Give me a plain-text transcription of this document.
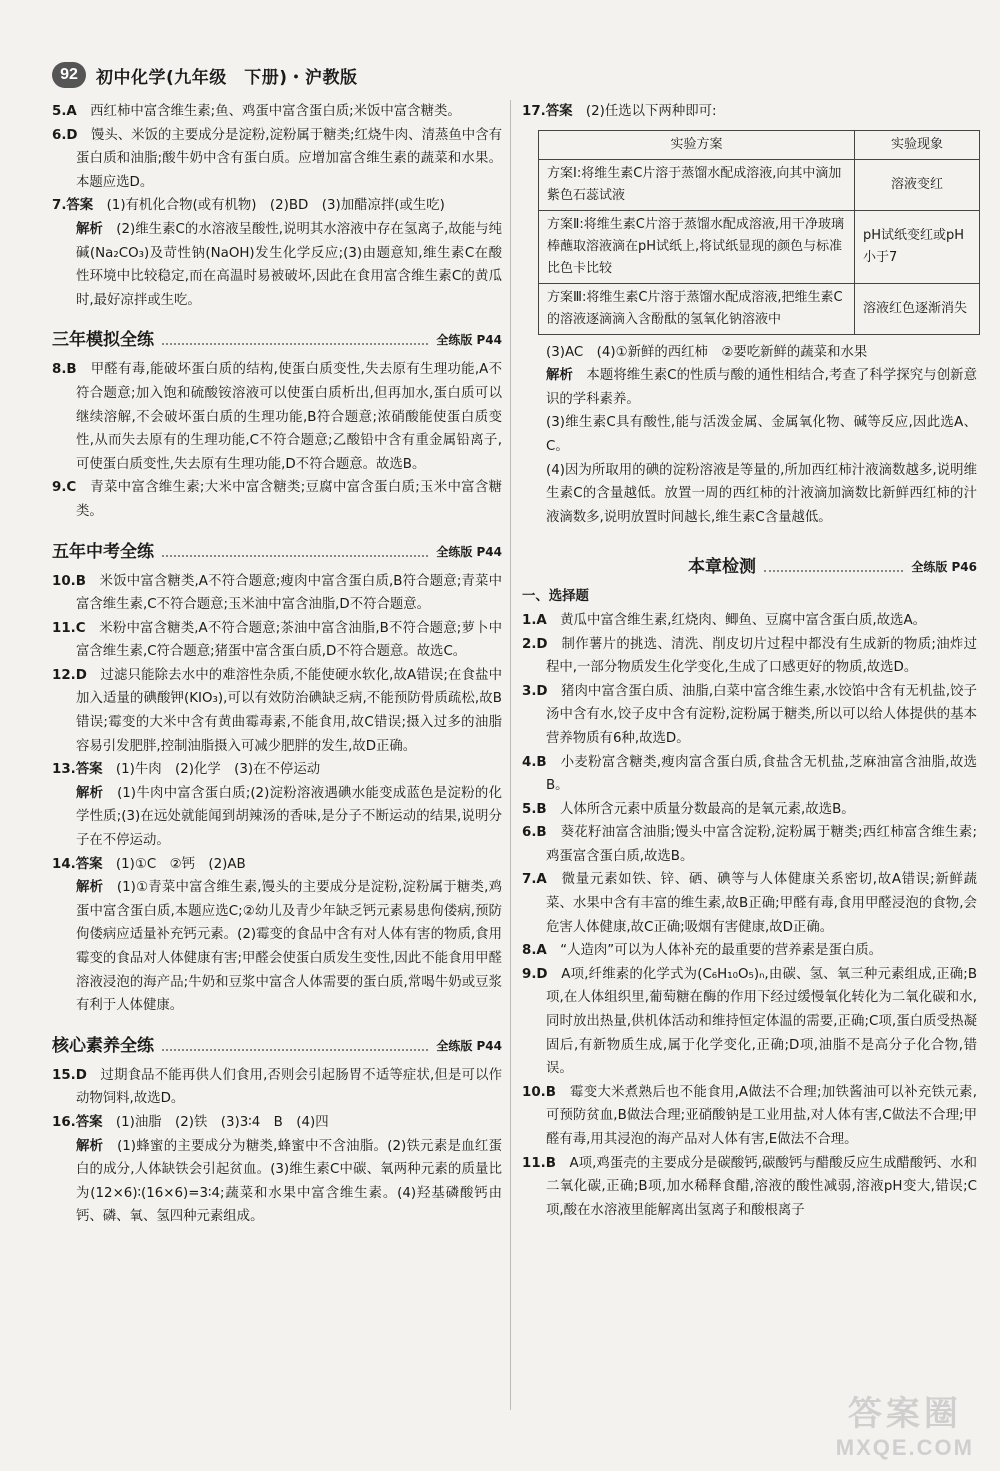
92	初中化学(九年级　下册)・沪教版

5.A　 西红柿中富含维生素;鱼、鸡蛋中富含蛋白质;米饭中富含糖类。

6.D　 馒头、米饭的主要成分是淀粉,淀粉属于糖类;红烧牛肉、清蒸鱼中含有蛋白质和油脂;酸牛奶中含有蛋白质。应增加富含维生素的蔬菜和水果。本题应选D。

7.答案　 (1)有机化合物(或有机物)　(2)BD　(3)加醋凉拌(或生吃)

解析　 (2)维生素C的水溶液呈酸性,说明其水溶液中存在氢离子,故能与纯碱(Na₂CO₃)及苛性钠(NaOH)发生化学反应;(3)由题意知,维生素C在酸性环境中比较稳定,而在高温时易被破坏,因此在食用富含维生素C的黄瓜时,最好凉拌或生吃。

三年模拟全练	全练版 P44

8.B　 甲醛有毒,能破坏蛋白质的结构,使蛋白质变性,失去原有生理功能,A不符合题意;加入饱和硫酸铵溶液可以使蛋白质析出,但再加水,蛋白质可以继续溶解,不会破坏蛋白质的生理功能,B符合题意;浓硝酸能使蛋白质变性,从而失去原有的生理功能,C不符合题意;乙酸铅中含有重金属铅离子,可使蛋白质变性,失去原有生理功能,D不符合题意。故选B。

9.C　 青菜中富含维生素;大米中富含糖类;豆腐中富含蛋白质;玉米中富含糖类。

五年中考全练	全练版 P44

10.B　 米饭中富含糖类,A不符合题意;瘦肉中富含蛋白质,B符合题意;青菜中富含维生素,C不符合题意;玉米油中富含油脂,D不符合题意。

11.C　 米粉中富含糖类,A不符合题意;茶油中富含油脂,B不符合题意;萝卜中富含维生素,C符合题意;猪蛋中富含蛋白质,D不符合题意。故选C。

12.D　 过滤只能除去水中的难溶性杂质,不能使硬水软化,故A错误;在食盐中加入适量的碘酸钾(KIO₃),可以有效防治碘缺乏病,不能预防骨质疏松,故B错误;霉变的大米中含有黄曲霉毒素,不能食用,故C错误;摄入过多的油脂容易引发肥胖,控制油脂摄入可减少肥胖的发生,故D正确。

13.答案　 (1)牛肉　(2)化学　(3)在不停运动

解析　 (1)牛肉中富含蛋白质;(2)淀粉溶液遇碘水能变成蓝色是淀粉的化学性质;(3)在远处就能闻到胡辣汤的香味,是分子不断运动的结果,说明分子在不停运动。

14.答案　 (1)①C　②钙　(2)AB

解析　 (1)①青菜中富含维生素,馒头的主要成分是淀粉,淀粉属于糖类,鸡蛋中富含蛋白质,本题应选C;②幼儿及青少年缺乏钙元素易患佝偻病,预防佝偻病应适量补充钙元素。(2)霉变的食品中含有对人体有害的物质,食用霉变的食品对人体健康有害;甲醛会使蛋白质发生变性,因此不能食用甲醛溶液浸泡的海产品;牛奶和豆浆中富含人体需要的蛋白质,常喝牛奶或豆浆有利于人体健康。

核心素养全练	全练版 P44

15.D　 过期食品不能再供人们食用,否则会引起肠胃不适等症状,但是可以作动物饲料,故选D。

16.答案　 (1)油脂　(2)铁　(3)3∶4　B　(4)四

解析　 (1)蜂蜜的主要成分为糖类,蜂蜜中不含油脂。(2)铁元素是血红蛋白的成分,人体缺铁会引起贫血。(3)维生素C中碳、氧两种元素的质量比为(12×6)∶(16×6)=3∶4;蔬菜和水果中富含维生素。(4)羟基磷酸钙由钙、磷、氧、氢四种元素组成。

17.答案　 (2)任选以下两种即可:

实验方案	实验现象
方案Ⅰ:将维生素C片溶于蒸馏水配成溶液,向其中滴加紫色石蕊试液	溶液变红
方案Ⅱ:将维生素C片溶于蒸馏水配成溶液,用干净玻璃棒蘸取溶液滴在pH试纸上,将试纸显现的颜色与标准比色卡比较	pH试纸变红或pH小于7
方案Ⅲ:将维生素C片溶于蒸馏水配成溶液,把维生素C的溶液逐滴滴入含酚酞的氢氧化钠溶液中	溶液红色逐渐消失

(3)AC　(4)①新鲜的西红柿　②要吃新鲜的蔬菜和水果

解析　 本题将维生素C的性质与酸的通性相结合,考查了科学探究与创新意识的学科素养。

(3)维生素C具有酸性,能与活泼金属、金属氧化物、碱等反应,因此选A、C。

(4)因为所取用的碘的淀粉溶液是等量的,所加西红柿汁液滴数越多,说明维生素C的含量越低。放置一周的西红柿的汁液滴加滴数比新鲜西红柿的汁液滴数多,说明放置时间越长,维生素C含量越低。

本章检测	全练版 P46

一、选择题

1.A　 黄瓜中富含维生素,红烧肉、鲫鱼、豆腐中富含蛋白质,故选A。

2.D　 制作薯片的挑选、清洗、削皮切片过程中都没有生成新的物质;油炸过程中,一部分物质发生化学变化,生成了口感更好的物质,故选D。

3.D　 猪肉中富含蛋白质、油脂,白菜中富含维生素,水饺馅中含有无机盐,饺子汤中含有水,饺子皮中含有淀粉,淀粉属于糖类,所以可以给人体提供的基本营养物质有6种,故选D。

4.B　 小麦粉富含糖类,瘦肉富含蛋白质,食盐含无机盐,芝麻油富含油脂,故选B。

5.B　 人体所含元素中质量分数最高的是氧元素,故选B。

6.B　 葵花籽油富含油脂;馒头中富含淀粉,淀粉属于糖类;西红柿富含维生素;鸡蛋富含蛋白质,故选B。

7.A　 微量元素如铁、锌、硒、碘等与人体健康关系密切,故A错误;新鲜蔬菜、水果中含有丰富的维生素,故B正确;甲醛有毒,食用甲醛浸泡的食物,会危害人体健康,故C正确;吸烟有害健康,故D正确。

8.A　 “人造肉”可以为人体补充的最重要的营养素是蛋白质。

9.D　 A项,纤维素的化学式为(C₆H₁₀O₅)ₙ,由碳、氢、氧三种元素组成,正确;B项,在人体组织里,葡萄糖在酶的作用下经过缓慢氧化转化为二氧化碳和水,同时放出热量,供机体活动和维持恒定体温的需要,正确;C项,蛋白质受热凝固后,有新物质生成,属于化学变化,正确;D项,油脂不是高分子化合物,错误。

10.B　 霉变大米煮熟后也不能食用,A做法不合理;加铁酱油可以补充铁元素,可预防贫血,B做法合理;亚硝酸钠是工业用盐,对人体有害,C做法不合理;甲醛有毒,用其浸泡的海产品对人体有害,E做法不合理。

11.B　 A项,鸡蛋壳的主要成分是碳酸钙,碳酸钙与醋酸反应生成醋酸钙、水和二氧化碳,正确;B项,加水稀释食醋,溶液的酸性减弱,溶液pH变大,错误;C项,酸在水溶液里能解离出氢离子和酸根离子

答案圈
MXQE.COM
